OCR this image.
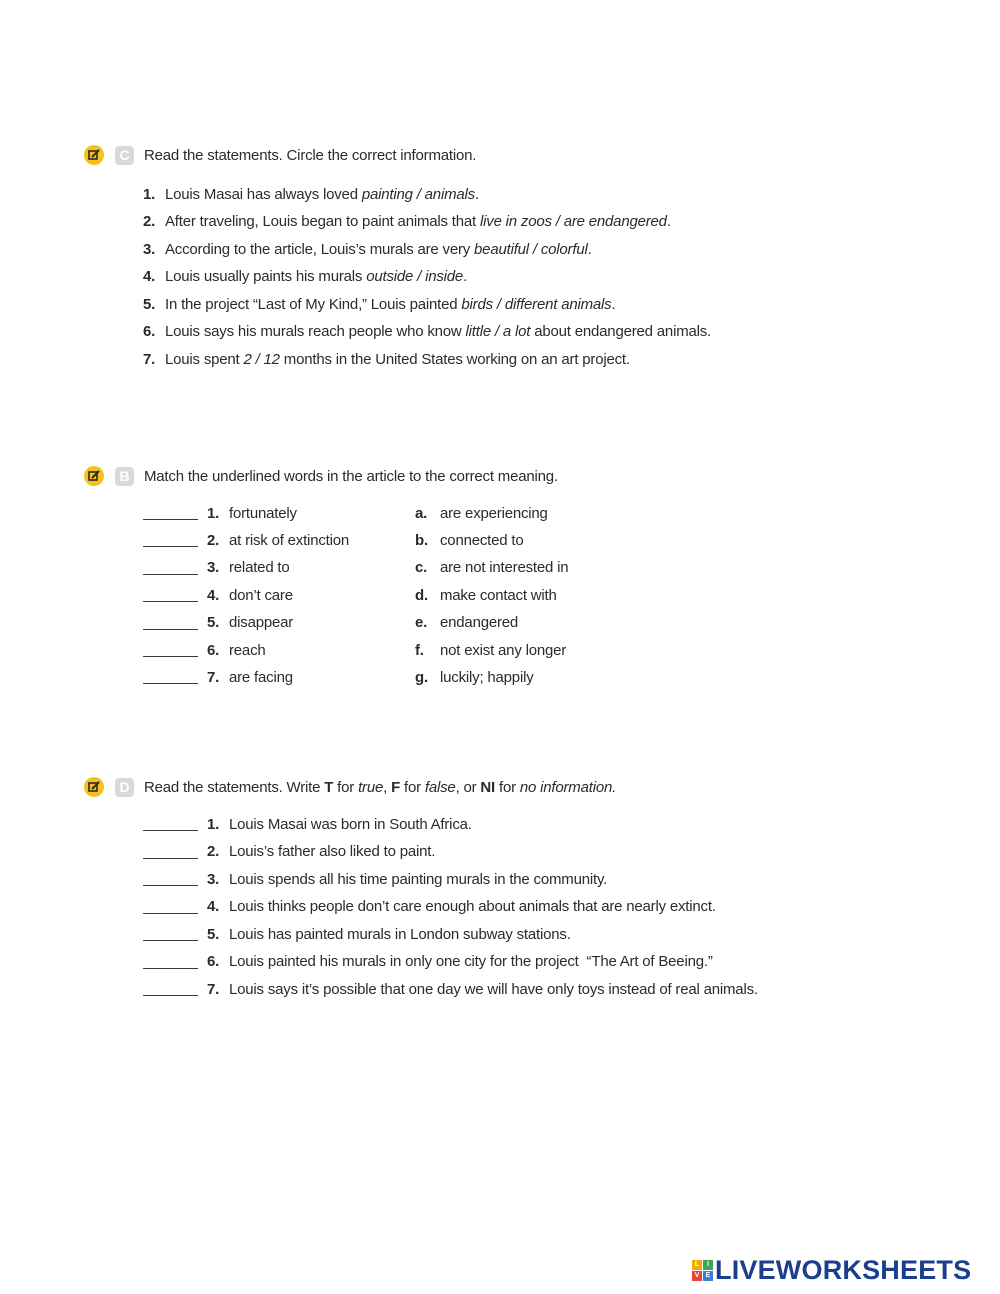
C Read the statements. Circle the correct information.
1. Louis Masai has always loved painting / animals .
2. After traveling, Louis began to paint animals that live in zoos / are endangered .
3. According to the article, Louis’s murals are very beautiful / colorful .
4. Louis usually paints his murals outside / inside .
5. In the project “Last of My Kind,” Louis painted birds / different animals .
6. Louis says his murals reach people who know little / a lot about endangered animals.
7. Louis spent 2 / 12 months in the United States working on an art project.
B Match the underlined words in the article to the correct meaning.
1. fortunately	a. are experiencing
2. at risk of extinction	b. connected to
3. related to	c. are not interested in
4. don’t care	d. make contact with
5. disappear	e. endangered
6. reach	f.	not exist any longer
7. are facing	g. luckily; happily
D Read the statements. Write T for true, F for false, or NI for no information.
1. Louis Masai was born in South Africa.
2. Louis’s father also liked to paint.
3. Louis spends all his time painting murals in the community.
4. Louis thinks people don’t care enough about animals that are nearly extinct.
5. Louis has painted murals in London subway stations.
6. Louis painted his murals in only one city for the project  “The Art of Beeing.”
7. Louis says it’s possible that one day we will have only toys instead of real animals.
L	I
V E LIVEWORKSHEETS
